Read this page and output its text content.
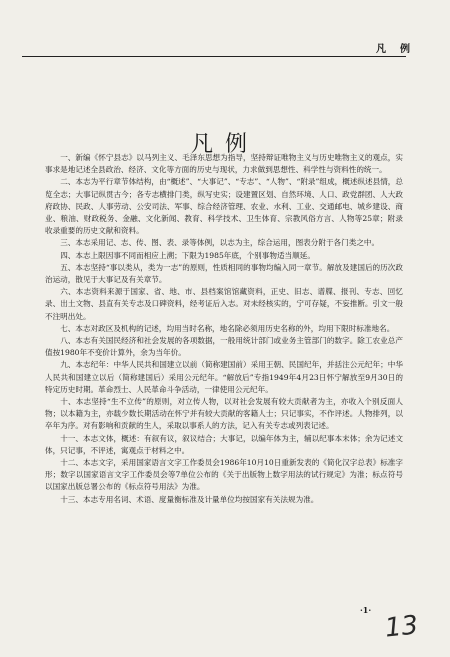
凡　例
凡例

一、新编《怀宁县志》以马列主义、毛泽东思想为指导，坚持辩证唯物主义与历史唯物主义的观点，实事求是地记述全县政治、经济、文化等方面的历史与现状，力求做到思想性、科学性与资料性的统一。

二、本志为平行章节体结构，由“概述”、“大事记”、“专志”、“人物”、“附录”组成，概述纵述县情，总览全志；大事记纵贯古今；各专志横排门类，纵写史实；设建置区划、自然环境、人口、政党群团、人大政府政协、民政、人事劳动、公安司法、军事、综合经济管理、农业、水利、工业、交通邮电、城乡建设、商业、粮油、财政税务、金融、文化新闻、教育、科学技术、卫生体育、宗教风俗方言、人物等25章；附录收录重要的历史文献和资料。

三、本志采用记、志、传、图、表、录等体例，以志为主，综合运用，图表分附于各门类之中。

四、本志上限因事不同而相应上溯；下限为1985年底，个别事物适当顺延。

五、本志坚持“事以类从，类为一志”的原则，性质相同的事物均编入同一章节。解放及建国后的历次政治运动，散见于大事记及有关章节。

六、本志资料来源于国家、省、地、市、县档案馆馆藏资料，正史、旧志、谱牒、报刊、专志、回忆录、出土文物、县直有关专志及口碑资料，经考证后入志。对未经核实的，宁可存疑，不妄推断。引文一般不注明出处。

七、本志对政区及机构的记述，均用当时名称，地名除必须用历史名称的外，均用下限时标准地名。

八、本志有关国民经济和社会发展的各项数据，一般用统计部门或业务主管部门的数字。除工农业总产值按1980年不变价计算外，余为当年价。

九、本志纪年：中华人民共和国建立以前（简称建国前）采用王朝、民国纪年，并括注公元纪年；中华人民共和国建立以后（简称建国后）采用公元纪年。“解放后”专指1949年4月23日怀宁解放至9月30日的特定历史时期。革命烈士、人民革命斗争活动，一律使用公元纪年。

十、本志坚持“生不立传”的原则，对立传人物，以对社会发展有较大贡献者为主，亦收入个别反面人物；以本籍为主，亦载少数长期活动在怀宁并有较大贡献的客籍人士；只记事实，不作评述。人物排列，以卒年为序。对有影响和贡献的生人，采取以事系人的方法，记入有关专志或列表记述。

十一、本志文体，概述：有叙有议，叙议结合；大事记，以编年体为主，辅以纪事本末体；余为记述文体，只记事，不评述，寓观点于材料之中。

十二、本志文字，采用国家语言文字工作委员会1986年10月10日重新发表的《简化汉字总表》标准字形；数字以国家语言文字工作委员会等7单位公布的《关于出版物上数字用法的试行规定》为准；标点符号以国家出版总署公布的《标点符号用法》为准。

十三、本志专用名词、术语、度量衡标准及计量单位均按国家有关法规为准。

·1·
13
